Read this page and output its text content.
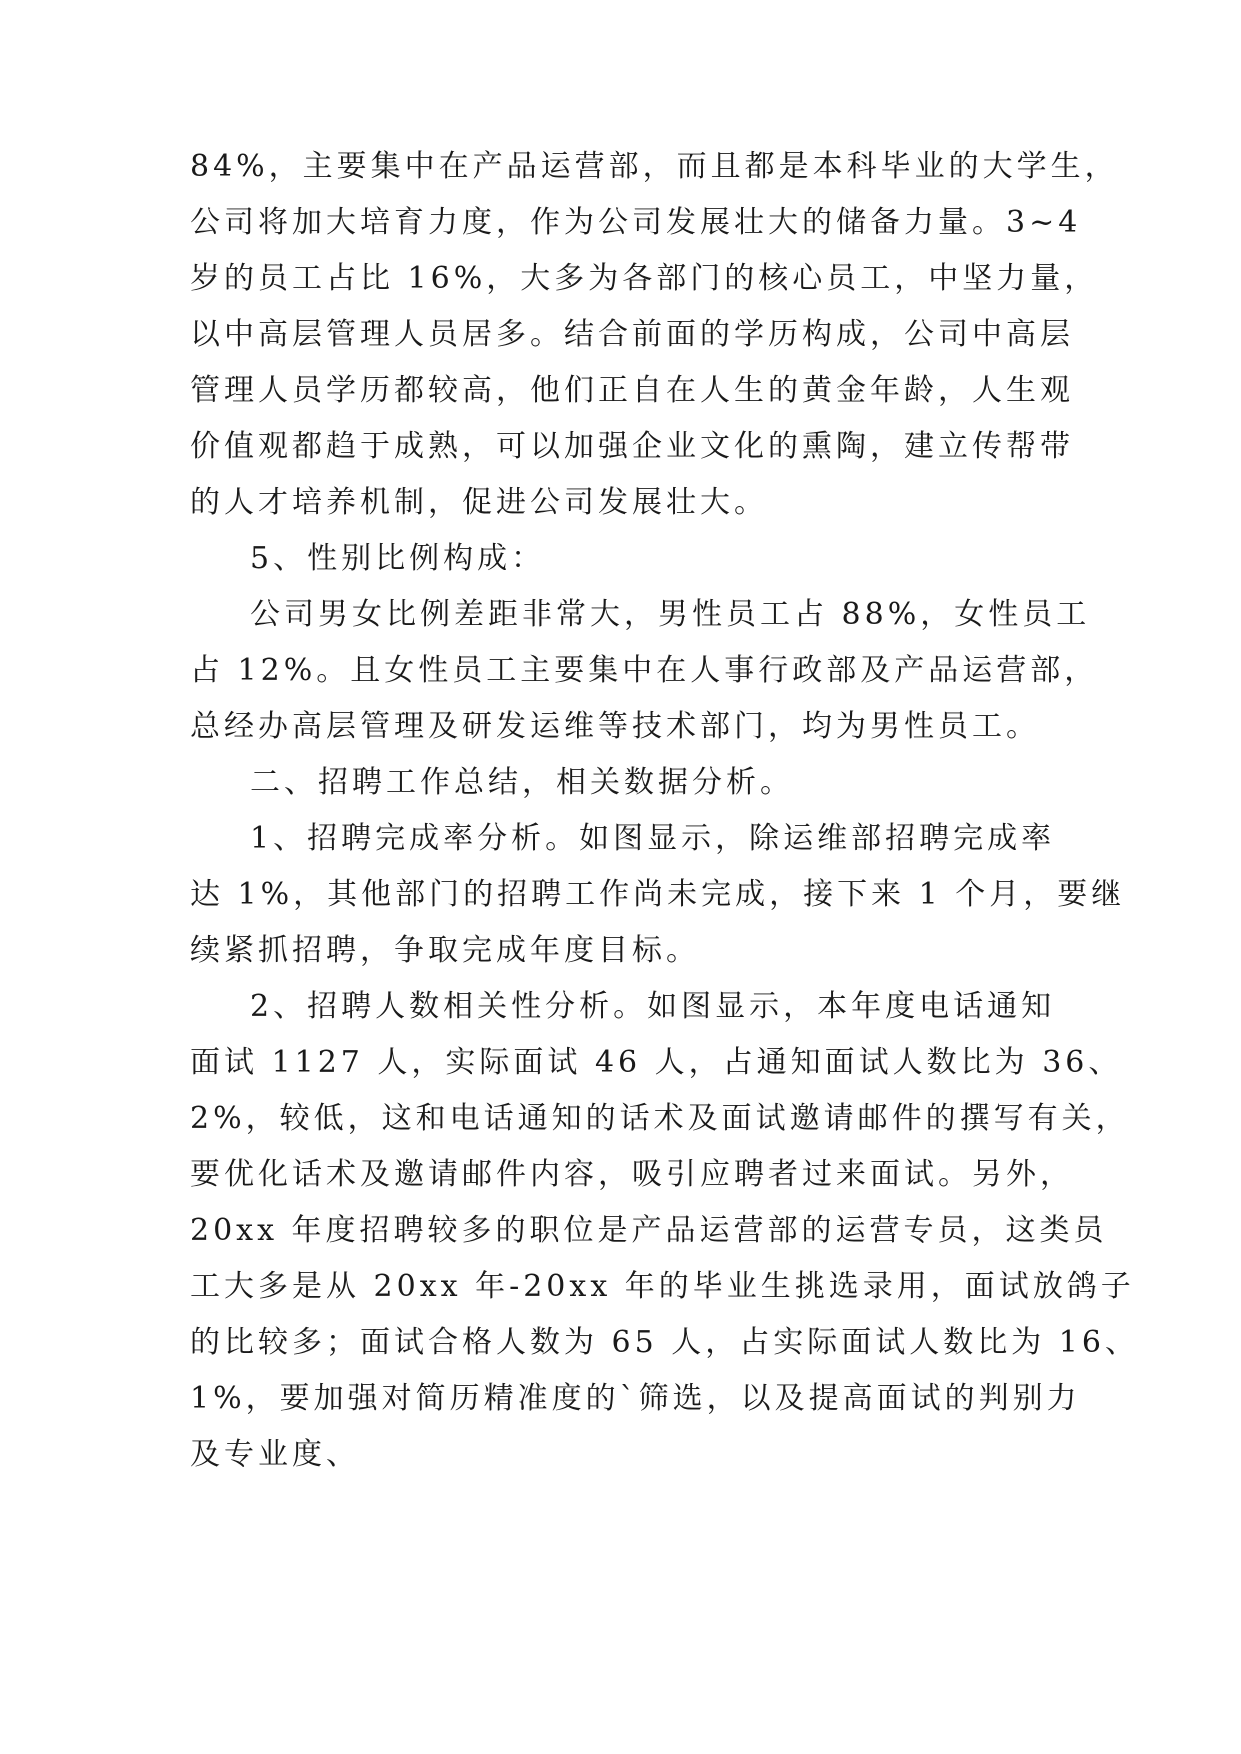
84%，主要集中在产品运营部，而且都是本科毕业的大学生，
公司将加大培育力度，作为公司发展壮大的储备力量。3~4
岁的员工占比 16%，大多为各部门的核心员工，中坚力量，
以中高层管理人员居多。结合前面的学历构成，公司中高层
管理人员学历都较高，他们正自在人生的黄金年龄，人生观
价值观都趋于成熟，可以加强企业文化的熏陶，建立传帮带
的人才培养机制，促进公司发展壮大。
5、性别比例构成：
公司男女比例差距非常大，男性员工占 88%，女性员工
占 12%。且女性员工主要集中在人事行政部及产品运营部，
总经办高层管理及研发运维等技术部门，均为男性员工。
二、招聘工作总结，相关数据分析。
1、招聘完成率分析。如图显示，除运维部招聘完成率
达 1%，其他部门的招聘工作尚未完成，接下来 1 个月，要继
续紧抓招聘，争取完成年度目标。
2、招聘人数相关性分析。如图显示，本年度电话通知
面试 1127 人，实际面试 46 人，占通知面试人数比为 36、
2%，较低，这和电话通知的话术及面试邀请邮件的撰写有关，
要优化话术及邀请邮件内容，吸引应聘者过来面试。另外，
20xx 年度招聘较多的职位是产品运营部的运营专员，这类员
工大多是从 20xx 年-20xx 年的毕业生挑选录用，面试放鸽子
的比较多；面试合格人数为 65 人，占实际面试人数比为 16、
1%，要加强对简历精准度的`筛选，以及提高面试的判别力
及专业度、
